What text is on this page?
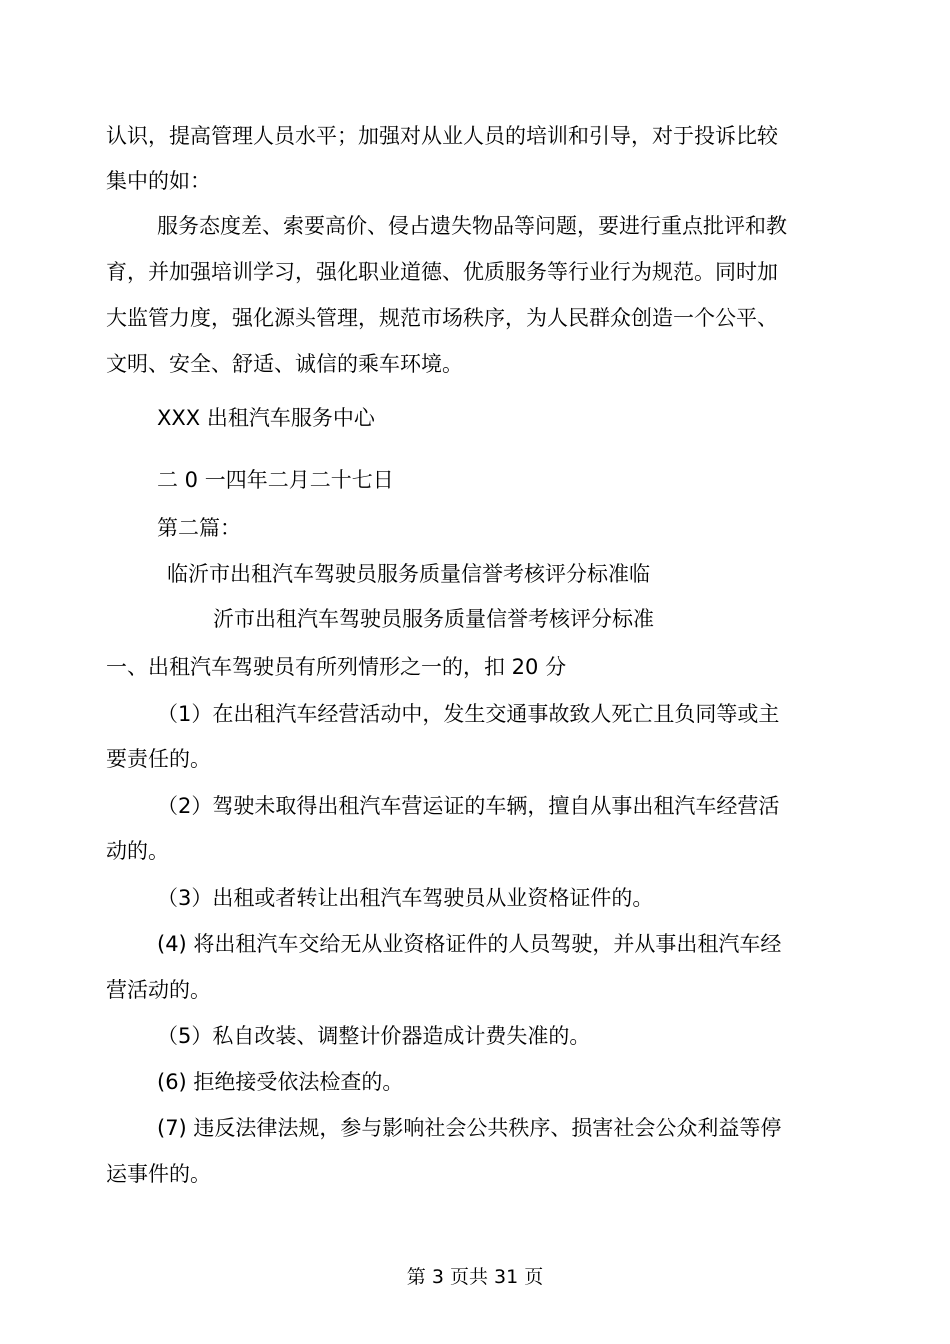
认识，提高管理人员水平；加强对从业人员的培训和引导，对于投诉比较

集中的如：

服务态度差、索要高价、侵占遗失物品等问题，要进行重点批评和教

育，并加强培训学习，强化职业道德、优质服务等行业行为规范。同时加

大监管力度，强化源头管理，规范市场秩序，为人民群众创造一个公平、

文明、安全、舒适、诚信的乘车环境。

XXX 出租汽车服务中心

二 0 一四年二月二十七日

第二篇：

临沂市出租汽车驾驶员服务质量信誉考核评分标准临

沂市出租汽车驾驶员服务质量信誉考核评分标准

一、出租汽车驾驶员有所列情形之一的，扣 20 分

（1）在出租汽车经营活动中，发生交通事故致人死亡且负同等或主

要责任的。

（2）驾驶未取得出租汽车营运证的车辆，擅自从事出租汽车经营活

动的。

（3）出租或者转让出租汽车驾驶员从业资格证件的。

(4) 将出租汽车交给无从业资格证件的人员驾驶，并从事出租汽车经

营活动的。

（5）私自改装、调整计价器造成计费失准的。

(6) 拒绝接受依法检查的。

(7) 违反法律法规，参与影响社会公共秩序、损害社会公众利益等停

运事件的。

第 3 页共 31 页
